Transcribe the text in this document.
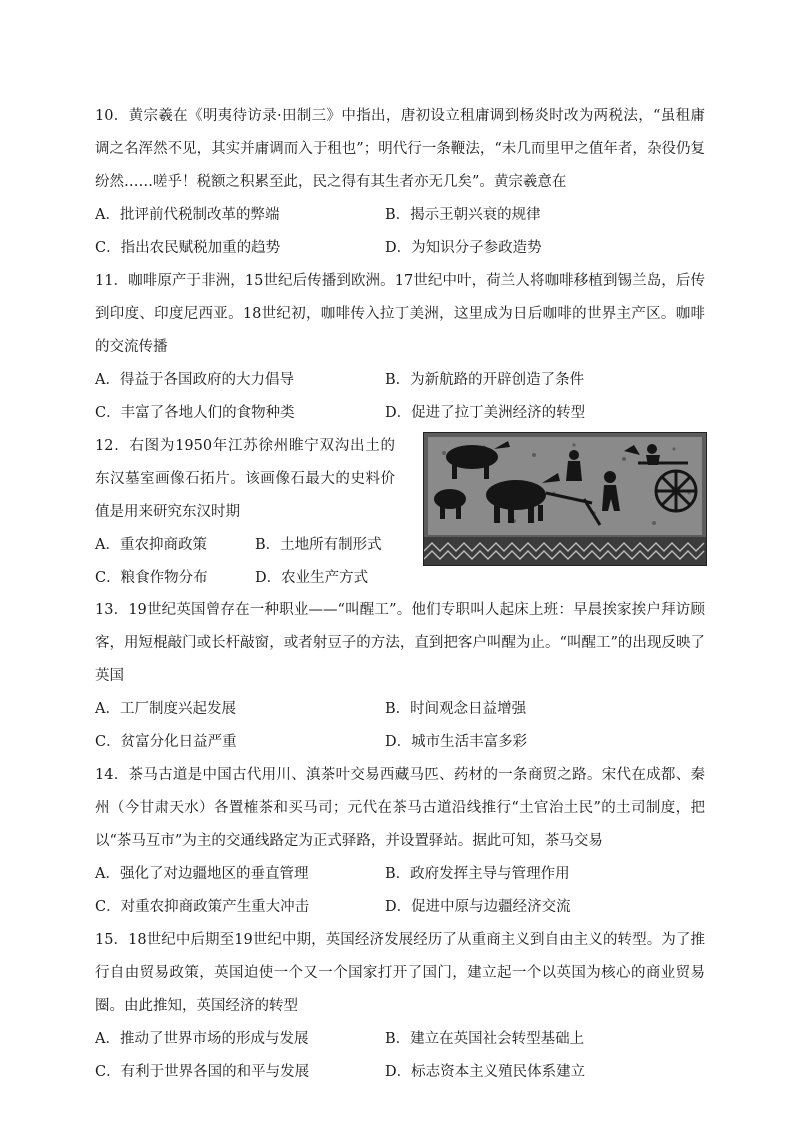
10．黄宗羲在《明夷待访录·田制三》中指出，唐初设立租庸调到杨炎时改为两税法，“虽租庸调之名浑然不见，其实并庸调而入于租也”；明代行一条鞭法，“未几而里甲之值年者，杂役仍复纷然……嗟乎！税额之积累至此，民之得有其生者亦无几矣”。黄宗羲意在

A．批评前代税制改革的弊端	B．揭示王朝兴衰的规律
C．指出农民赋税加重的趋势	D．为知识分子参政造势

11．咖啡原产于非洲，15世纪后传播到欧洲。17世纪中叶，荷兰人将咖啡移植到锡兰岛，后传到印度、印度尼西亚。18世纪初，咖啡传入拉丁美洲，这里成为日后咖啡的世界主产区。咖啡的交流传播

A．得益于各国政府的大力倡导	B．为新航路的开辟创造了条件
C．丰富了各地人们的食物种类	D．促进了拉丁美洲经济的转型

12．右图为1950年江苏徐州睢宁双沟出土的东汉墓室画像石拓片。该画像石最大的史料价值是用来研究东汉时期

A．重农抑商政策	B．土地所有制形式
C．粮食作物分布	D．农业生产方式

13．19世纪英国曾存在一种职业——“叫醒工”。他们专职叫人起床上班：早晨挨家挨户拜访顾客，用短棍敲门或长杆敲窗，或者射豆子的方法，直到把客户叫醒为止。“叫醒工”的出现反映了英国

A．工厂制度兴起发展	B．时间观念日益增强
C．贫富分化日益严重	D．城市生活丰富多彩

14．茶马古道是中国古代用川、滇茶叶交易西藏马匹、药材的一条商贸之路。宋代在成都、秦州（今甘肃天水）各置榷茶和买马司；元代在茶马古道沿线推行“土官治土民”的土司制度，把以“茶马互市”为主的交通线路定为正式驿路，并设置驿站。据此可知，茶马交易

A．强化了对边疆地区的垂直管理	B．政府发挥主导与管理作用
C．对重农抑商政策产生重大冲击	D．促进中原与边疆经济交流

15．18世纪中后期至19世纪中期，英国经济发展经历了从重商主义到自由主义的转型。为了推行自由贸易政策，英国迫使一个又一个国家打开了国门，建立起一个以英国为核心的商业贸易圈。由此推知，英国经济的转型

A．推动了世界市场的形成与发展	B．建立在英国社会转型基础上
C．有利于世界各国的和平与发展	D．标志资本主义殖民体系建立
